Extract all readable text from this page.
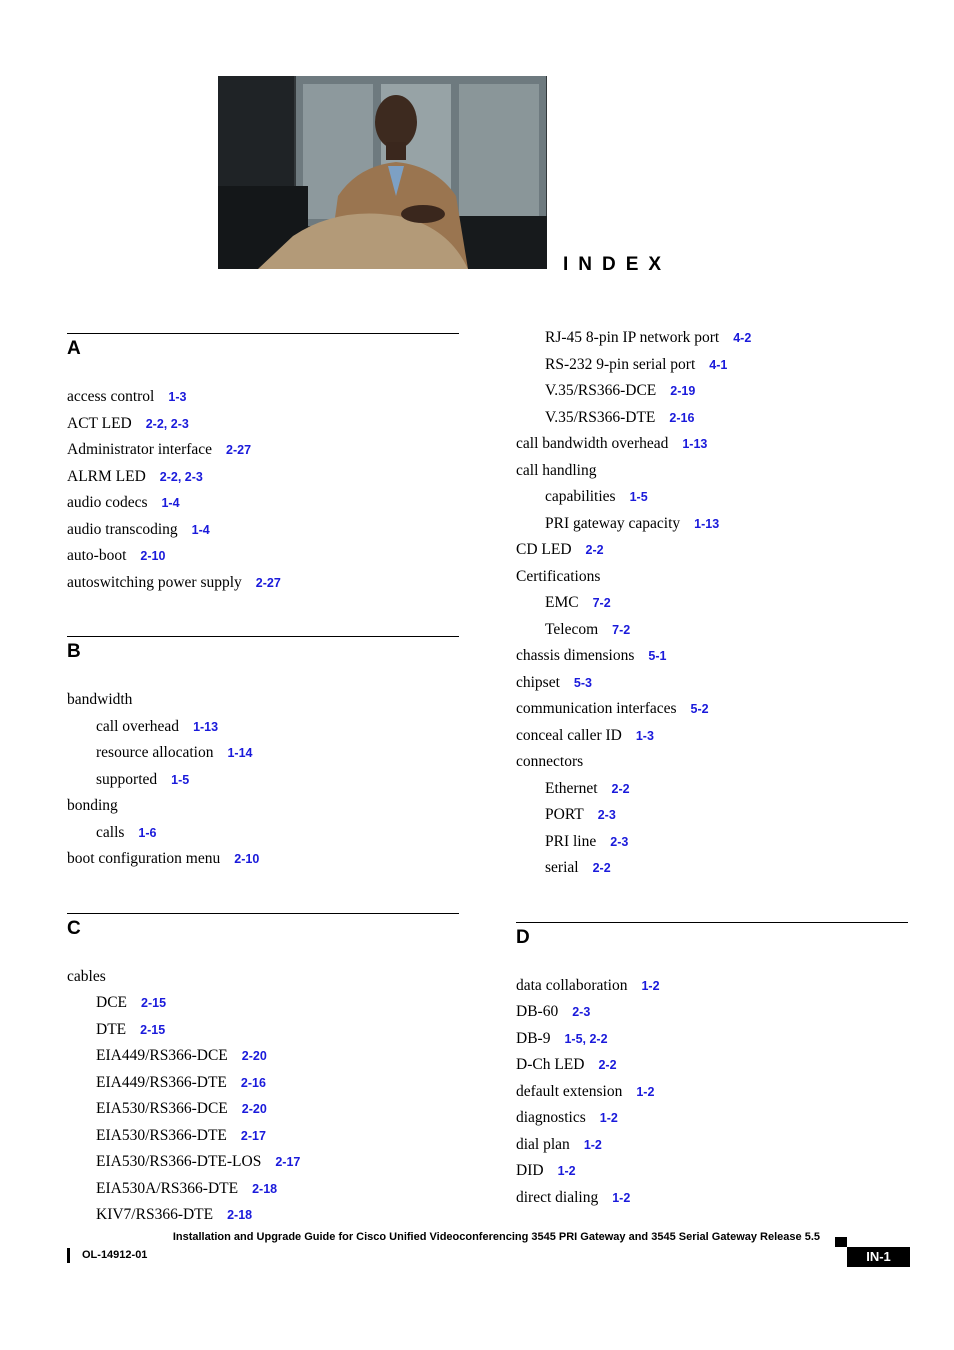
INDEX
A
access control 1-3
ACT LED 2-2, 2-3
Administrator interface 2-27
ALRM LED 2-2, 2-3
audio codecs 1-4
audio transcoding 1-4
auto-boot 2-10
autoswitching power supply 2-27
B
bandwidth
call overhead 1-13
resource allocation 1-14
supported 1-5
bonding
calls 1-6
boot configuration menu 2-10
C
cables
DCE 2-15
DTE 2-15
EIA449/RS366-DCE 2-20
EIA449/RS366-DTE 2-16
EIA530/RS366-DCE 2-20
EIA530/RS366-DTE 2-17
EIA530/RS366-DTE-LOS 2-17
EIA530A/RS366-DTE 2-18
KIV7/RS366-DTE 2-18
RJ-45 8-pin IP network port 4-2
RS-232 9-pin serial port 4-1
V.35/RS366-DCE 2-19
V.35/RS366-DTE 2-16
call bandwidth overhead 1-13
call handling
capabilities 1-5
PRI gateway capacity 1-13
CD LED 2-2
Certifications
EMC 7-2
Telecom 7-2
chassis dimensions 5-1
chipset 5-3
communication interfaces 5-2
conceal caller ID 1-3
connectors
Ethernet 2-2
PORT 2-3
PRI line 2-3
serial 2-2
D
data collaboration 1-2
DB-60 2-3
DB-9 1-5, 2-2
D-Ch LED 2-2
default extension 1-2
diagnostics 1-2
dial plan 1-2
DID 1-2
direct dialing 1-2
Installation and Upgrade Guide for Cisco Unified Videoconferencing 3545 PRI Gateway and 3545 Serial Gateway Release 5.5
OL-14912-01	IN-1
